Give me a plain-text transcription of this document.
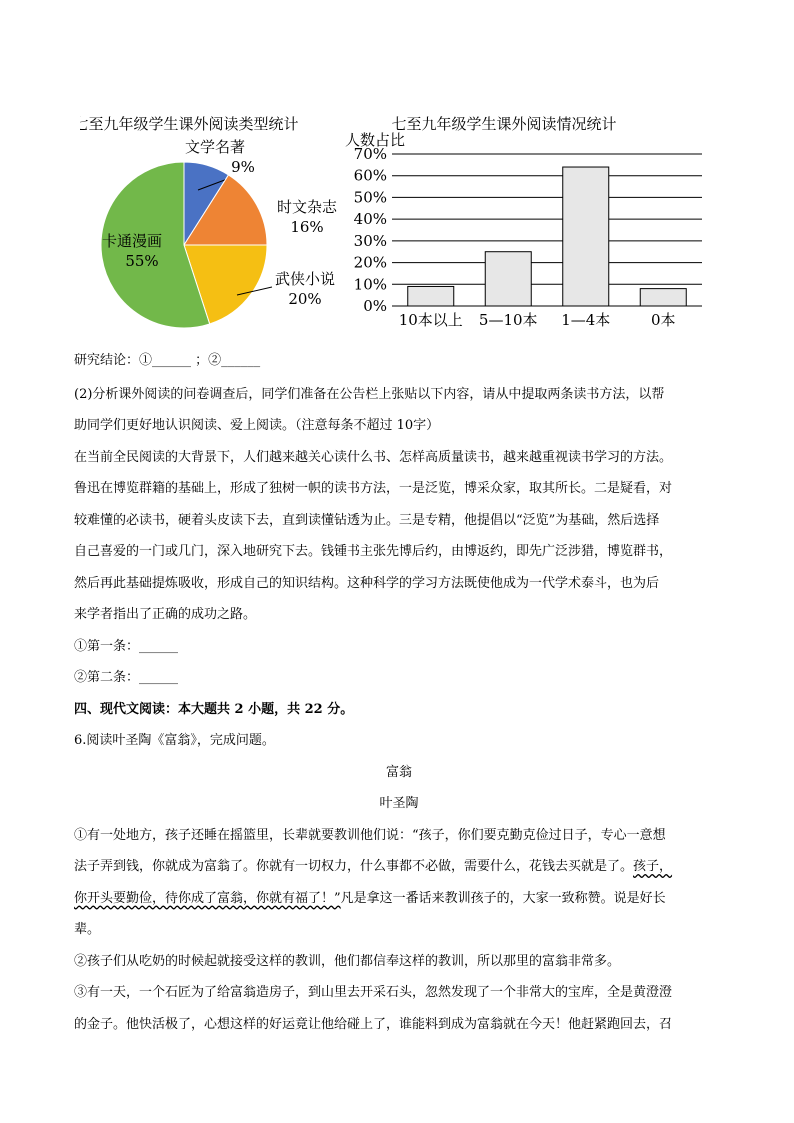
七至九年级学生课外阅读类型统计
文学名著
9%
时文杂志
16%
武侠小说
20%
卡通漫画
55%
七至九年级学生课外阅读情况统计
人数占比
0%
10%
20%
30%
40%
50%
60%
70%
10本以上 5—10本 1—4本	0本
研究结论：①______ ；②______
(2)分析课外阅读的问卷调查后，同学们准备在公告栏上张贴以下内容，请从中提取两条读书方法，以帮
助同学们更好地认识阅读、爱上阅读。（注意每条不超过 10字）
在当前全民阅读的大背景下，人们越来越关心读什么书、怎样高质量读书，越来越重视读书学习的方法。
鲁迅在博览群籍的基础上，形成了独树一帜的读书方法，一是泛览，博采众家，取其所长。二是疑看，对
较难懂的必读书，硬着头皮读下去，直到读懂钻透为止。三是专精，他提倡以“泛览”为基础，然后选择
自己喜爱的一门或几门，深入地研究下去。钱锺书主张先博后约，由博返约，即先广泛涉猎，博览群书，
然后再此基础提炼吸收，形成自己的知识结构。这种科学的学习方法既使他成为一代学术泰斗，也为后
来学者指出了正确的成功之路。
①第一条：______
②第二条：______
四、现代文阅读：本大题共 2 小题，共 22 分。
6.阅读叶圣陶《富翁》，完成问题。
富翁
叶圣陶
①有一处地方，孩子还睡在摇篮里，长辈就要教训他们说：“孩子，你们要克勤克俭过日子，专心一意想
法子弄到钱，你就成为富翁了。你就有一切权力，什么事都不必做，需要什么，花钱去买就是了。孩子，
你开头要勤俭，待你成了富翁，你就有福了！”凡是拿这一番话来教训孩子的，大家一致称赞。说是好长
辈。
②孩子们从吃奶的时候起就接受这样的教训，他们都信奉这样的教训，所以那里的富翁非常多。
③有一天，一个石匠为了给富翁造房子，到山里去开采石头，忽然发现了一个非常大的宝库，全是黄澄澄
的金子。他快活极了，心想这样的好运竟让他给碰上了，谁能料到成为富翁就在今天！他赶紧跑回去，召
